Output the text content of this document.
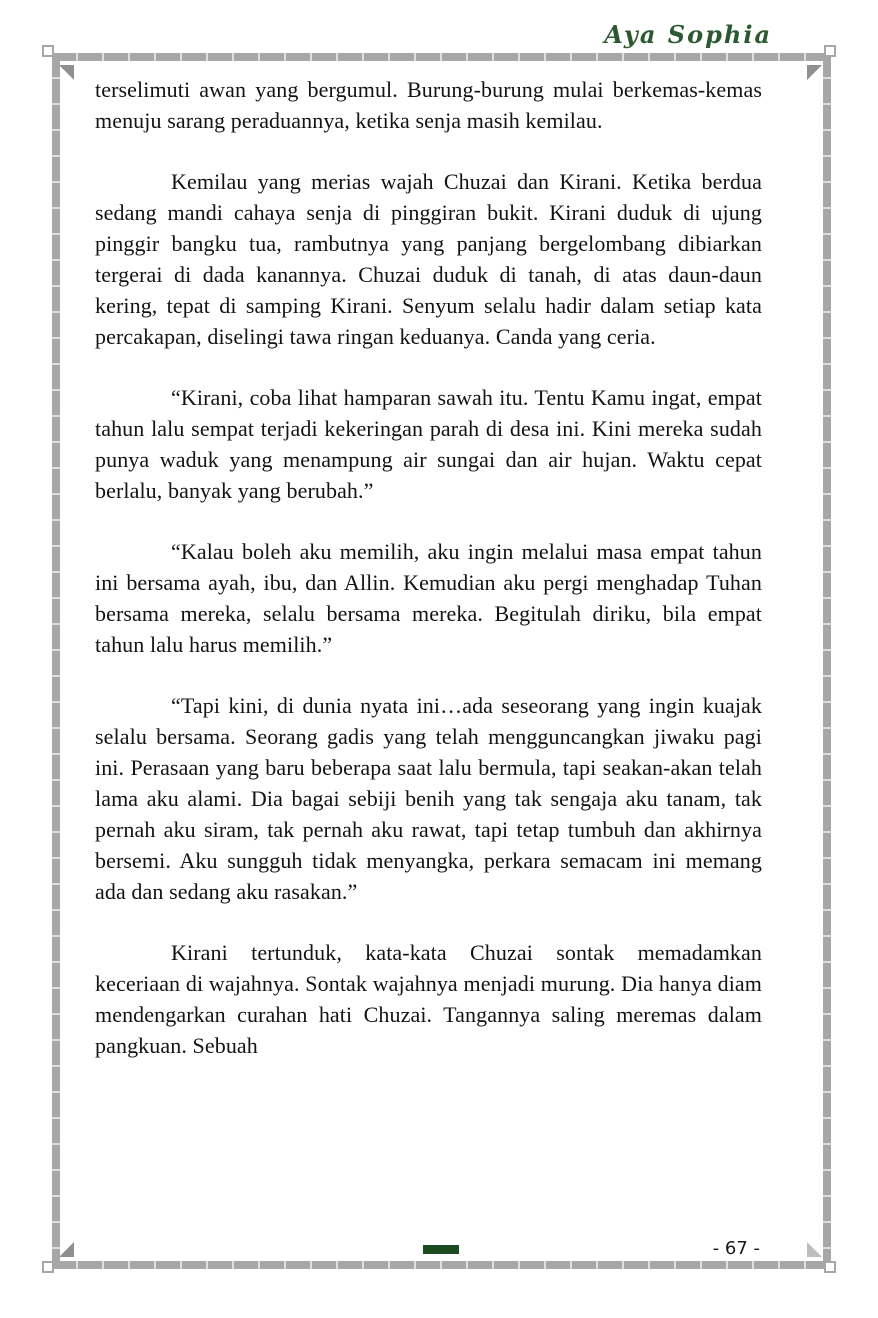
Aya Sophia

terselimuti awan yang bergumul. Burung-burung mulai berkemas-kemas menuju sarang peraduannya, ketika senja masih kemilau.

Kemilau yang merias wajah Chuzai dan Kirani. Ketika berdua sedang mandi cahaya senja di pinggiran bukit. Kirani duduk di ujung pinggir bangku tua, rambutnya yang panjang bergelombang dibiarkan tergerai di dada kanannya. Chuzai duduk di tanah, di atas daun-daun kering, tepat di samping Kirani. Senyum selalu hadir dalam setiap kata percakapan, diselingi tawa ringan keduanya. Canda yang ceria.

“Kirani, coba lihat hamparan sawah itu. Tentu Kamu ingat, empat tahun lalu sempat terjadi kekeringan parah di desa ini. Kini mereka sudah punya waduk yang menampung air sungai dan air hujan. Waktu cepat berlalu, banyak yang berubah.”

“Kalau boleh aku memilih, aku ingin melalui masa empat tahun ini bersama ayah, ibu, dan Allin. Kemudian aku pergi menghadap Tuhan bersama mereka, selalu bersama mereka. Begitulah diriku, bila empat tahun lalu harus memilih.”

“Tapi kini, di dunia nyata ini…ada seseorang yang ingin kuajak selalu bersama. Seorang gadis yang telah mengguncangkan jiwaku pagi ini. Perasaan yang baru beberapa saat lalu bermula, tapi seakan-akan telah lama aku alami. Dia bagai sebiji benih yang tak sengaja aku tanam, tak pernah aku siram, tak pernah aku rawat, tapi tetap tumbuh dan akhirnya bersemi. Aku sungguh tidak menyangka, perkara semacam ini memang ada dan sedang aku rasakan.”

Kirani tertunduk, kata-kata Chuzai sontak memadamkan keceriaan di wajahnya. Sontak wajahnya menjadi murung. Dia hanya diam mendengarkan curahan hati Chuzai. Tangannya saling meremas dalam pangkuan. Sebuah

- 67 -
